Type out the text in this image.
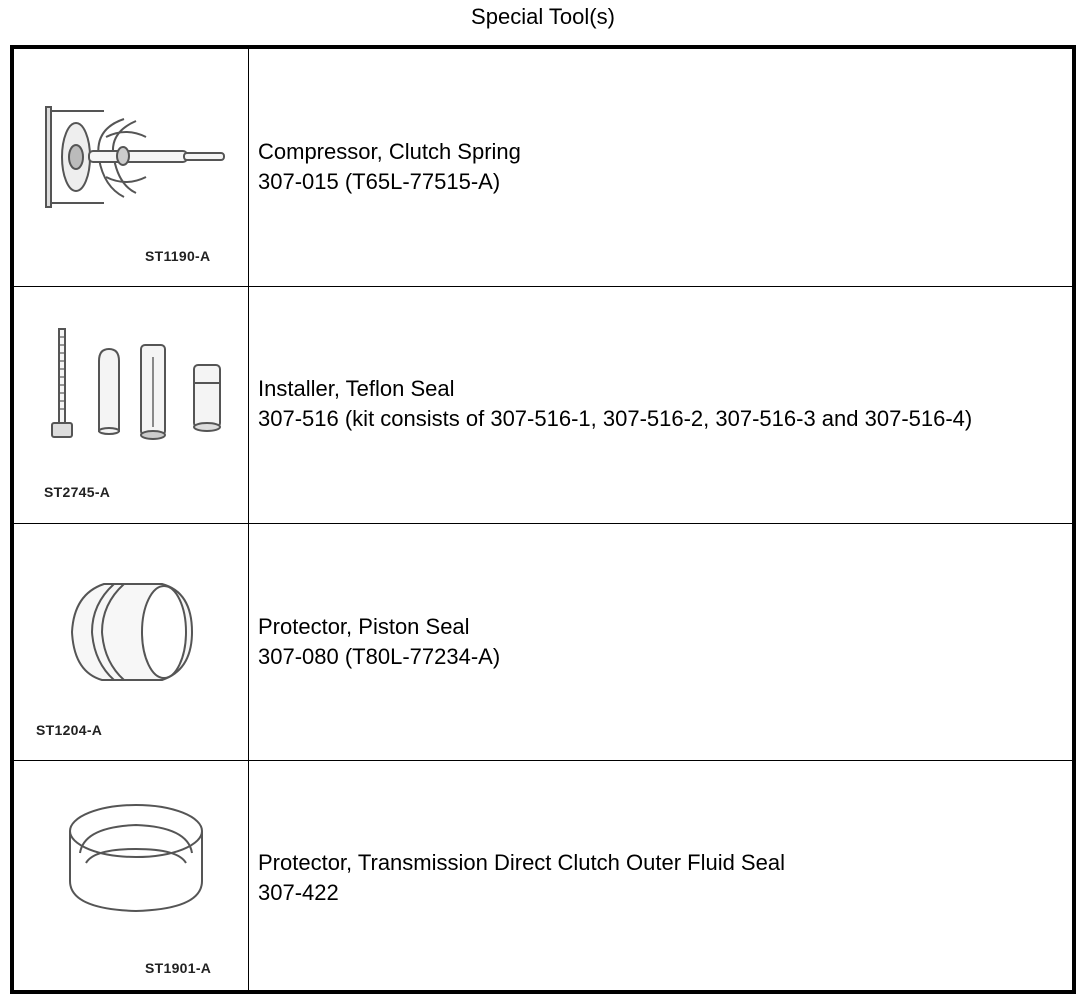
Special Tool(s)
ST1190-A
Compressor, Clutch Spring
307-015 (T65L-77515-A)
ST2745-A
Installer, Teflon Seal
307-516 (kit consists of 307-516-1, 307-516-2, 307-516-3 and 307-516-4)
ST1204-A
Protector, Piston Seal
307-080 (T80L-77234-A)
ST1901-A
Protector, Transmission Direct Clutch Outer Fluid Seal
307-422
